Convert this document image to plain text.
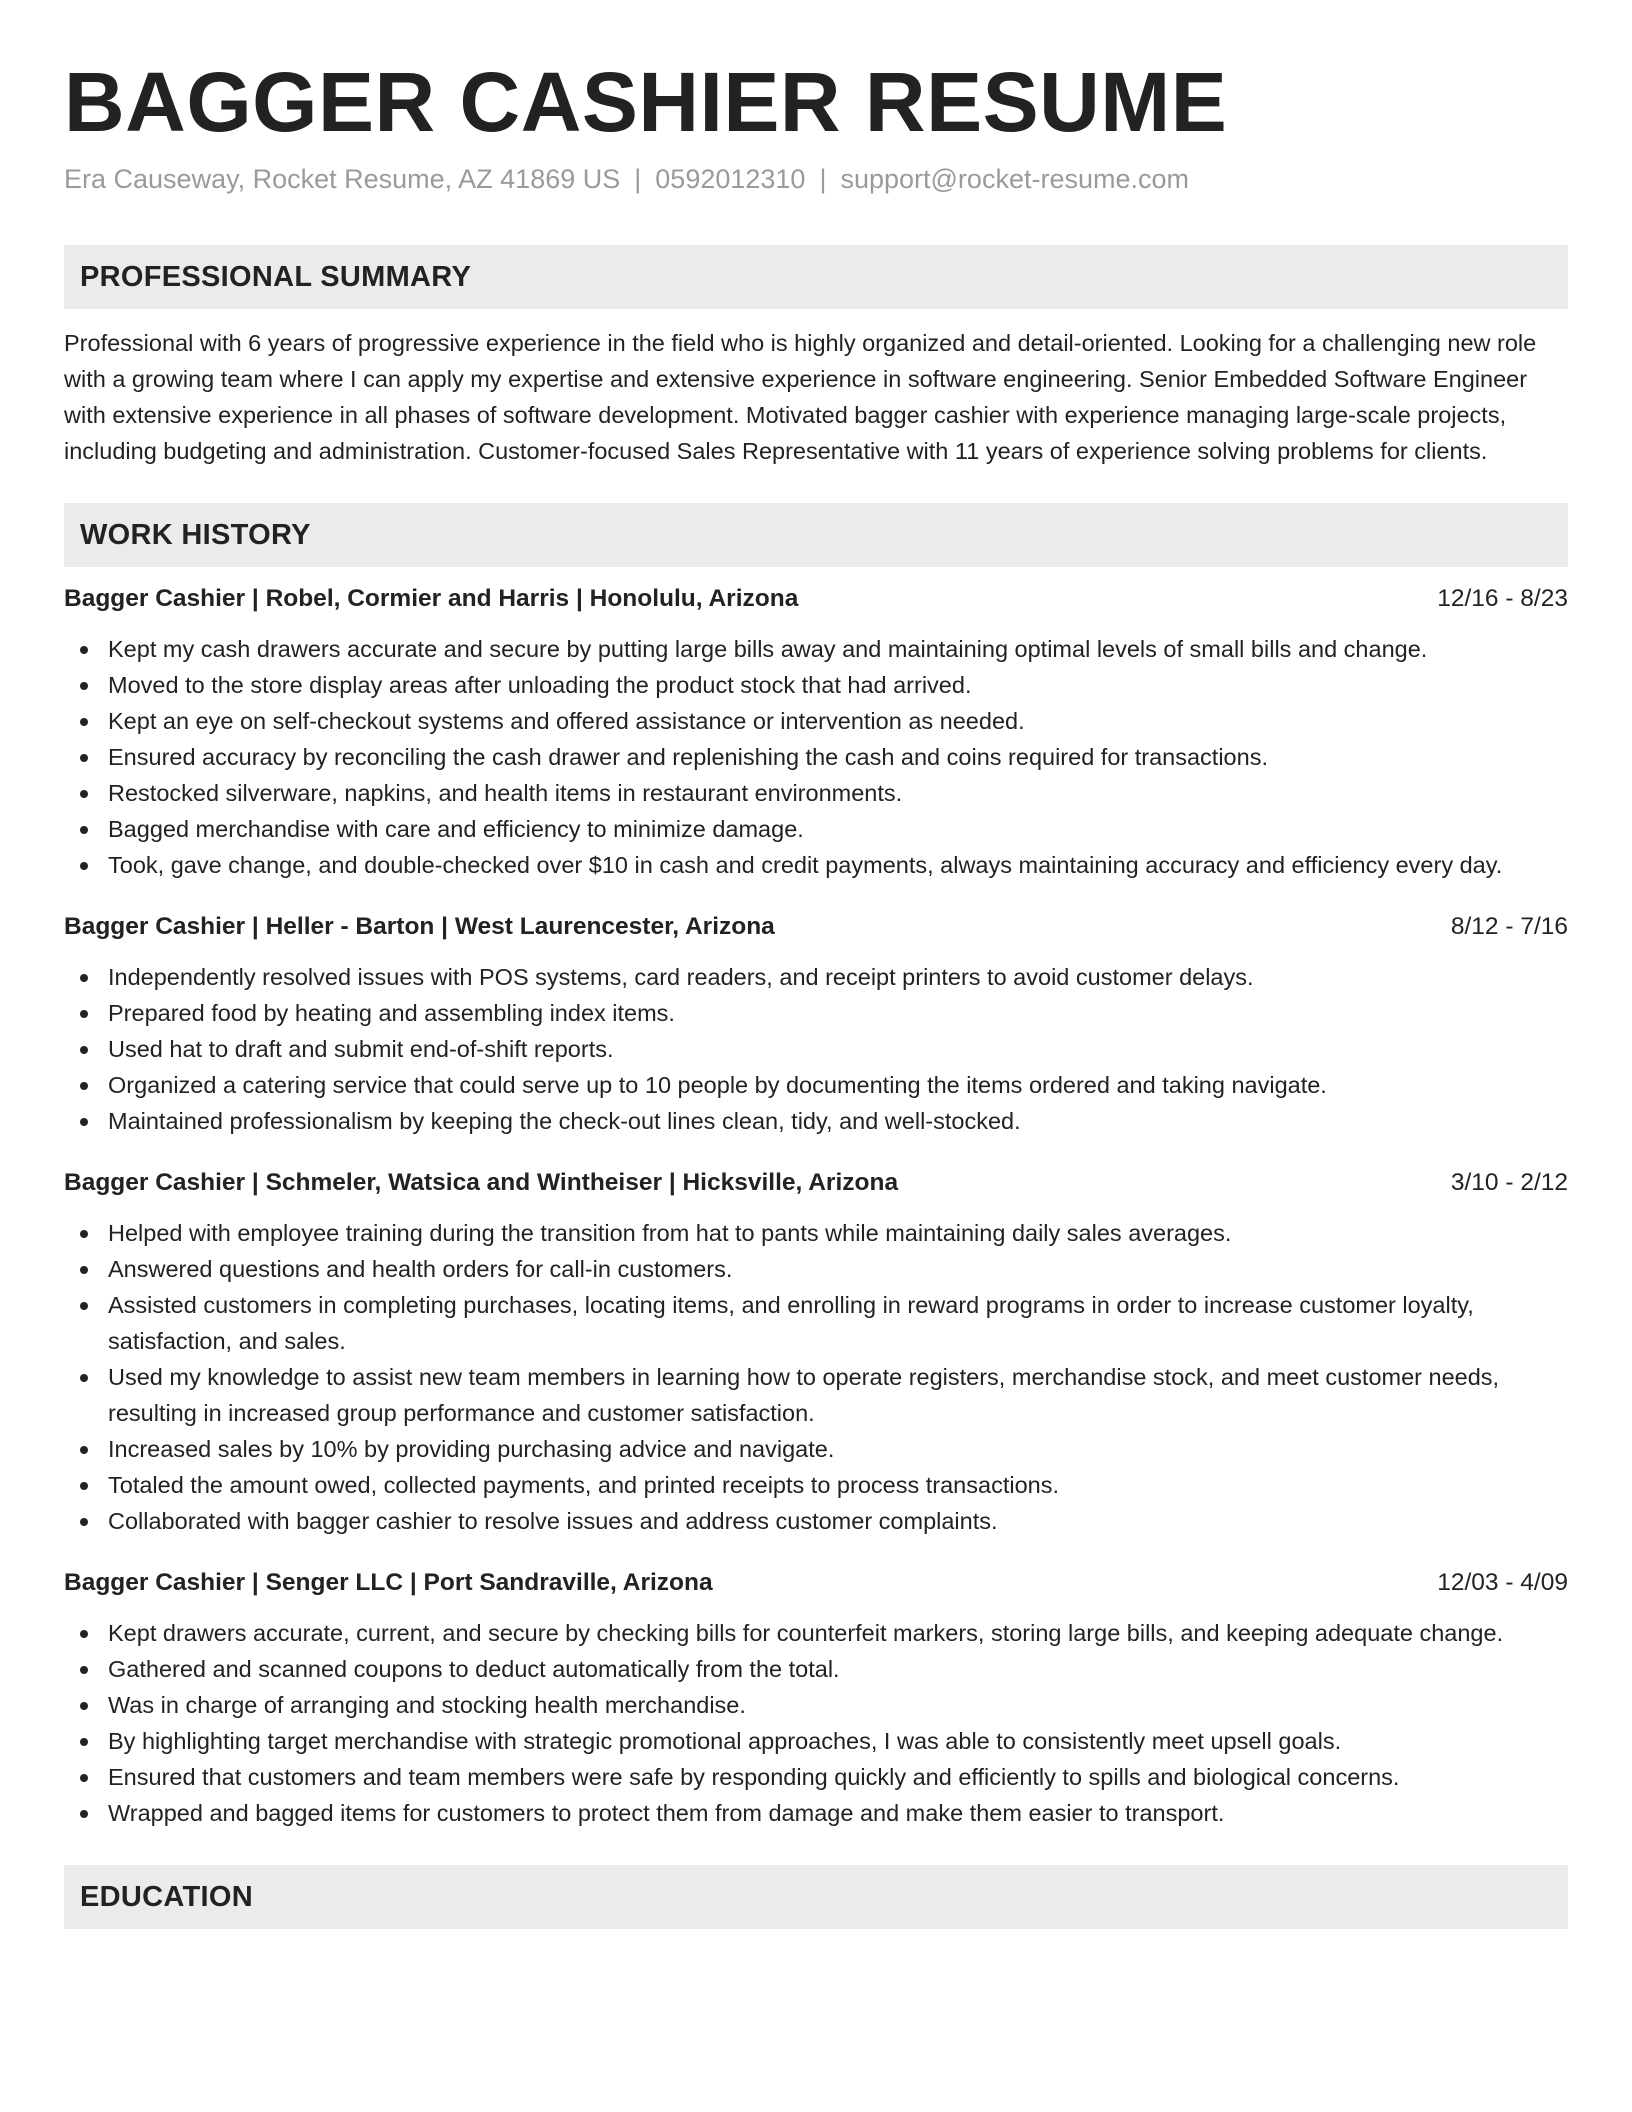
BAGGER CASHIER RESUME
Era Causeway, Rocket Resume, AZ 41869 US | 0592012310 | support@rocket-resume.com
PROFESSIONAL SUMMARY

Professional with 6 years of progressive experience in the field who is highly organized and detail-oriented. Looking for a challenging new role with a growing team where I can apply my expertise and extensive experience in software engineering. Senior Embedded Software Engineer with extensive experience in all phases of software development. Motivated bagger cashier with experience managing large-scale projects, including budgeting and administration. Customer-focused Sales Representative with 11 years of experience solving problems for clients.

WORK HISTORY
Bagger Cashier | Robel, Cormier and Harris | Honolulu, Arizona	12/16 - 8/23
Kept my cash drawers accurate and secure by putting large bills away and maintaining optimal levels of small bills and change.
Moved to the store display areas after unloading the product stock that had arrived.
Kept an eye on self-checkout systems and offered assistance or intervention as needed.
Ensured accuracy by reconciling the cash drawer and replenishing the cash and coins required for transactions.
Restocked silverware, napkins, and health items in restaurant environments.
Bagged merchandise with care and efficiency to minimize damage.
Took, gave change, and double-checked over $10 in cash and credit payments, always maintaining accuracy and efficiency every day.
Bagger Cashier | Heller - Barton | West Laurencester, Arizona	8/12 - 7/16
Independently resolved issues with POS systems, card readers, and receipt printers to avoid customer delays.
Prepared food by heating and assembling index items.
Used hat to draft and submit end-of-shift reports.
Organized a catering service that could serve up to 10 people by documenting the items ordered and taking navigate.
Maintained professionalism by keeping the check-out lines clean, tidy, and well-stocked.
Bagger Cashier | Schmeler, Watsica and Wintheiser | Hicksville, Arizona	3/10 - 2/12
Helped with employee training during the transition from hat to pants while maintaining daily sales averages.
Answered questions and health orders for call-in customers.
Assisted customers in completing purchases, locating items, and enrolling in reward programs in order to increase customer loyalty, satisfaction, and sales.
Used my knowledge to assist new team members in learning how to operate registers, merchandise stock, and meet customer needs, resulting in increased group performance and customer satisfaction.
Increased sales by 10% by providing purchasing advice and navigate.
Totaled the amount owed, collected payments, and printed receipts to process transactions.
Collaborated with bagger cashier to resolve issues and address customer complaints.
Bagger Cashier | Senger LLC | Port Sandraville, Arizona	12/03 - 4/09
Kept drawers accurate, current, and secure by checking bills for counterfeit markers, storing large bills, and keeping adequate change.
Gathered and scanned coupons to deduct automatically from the total.
Was in charge of arranging and stocking health merchandise.
By highlighting target merchandise with strategic promotional approaches, I was able to consistently meet upsell goals.
Ensured that customers and team members were safe by responding quickly and efficiently to spills and biological concerns.
Wrapped and bagged items for customers to protect them from damage and make them easier to transport.
EDUCATION
